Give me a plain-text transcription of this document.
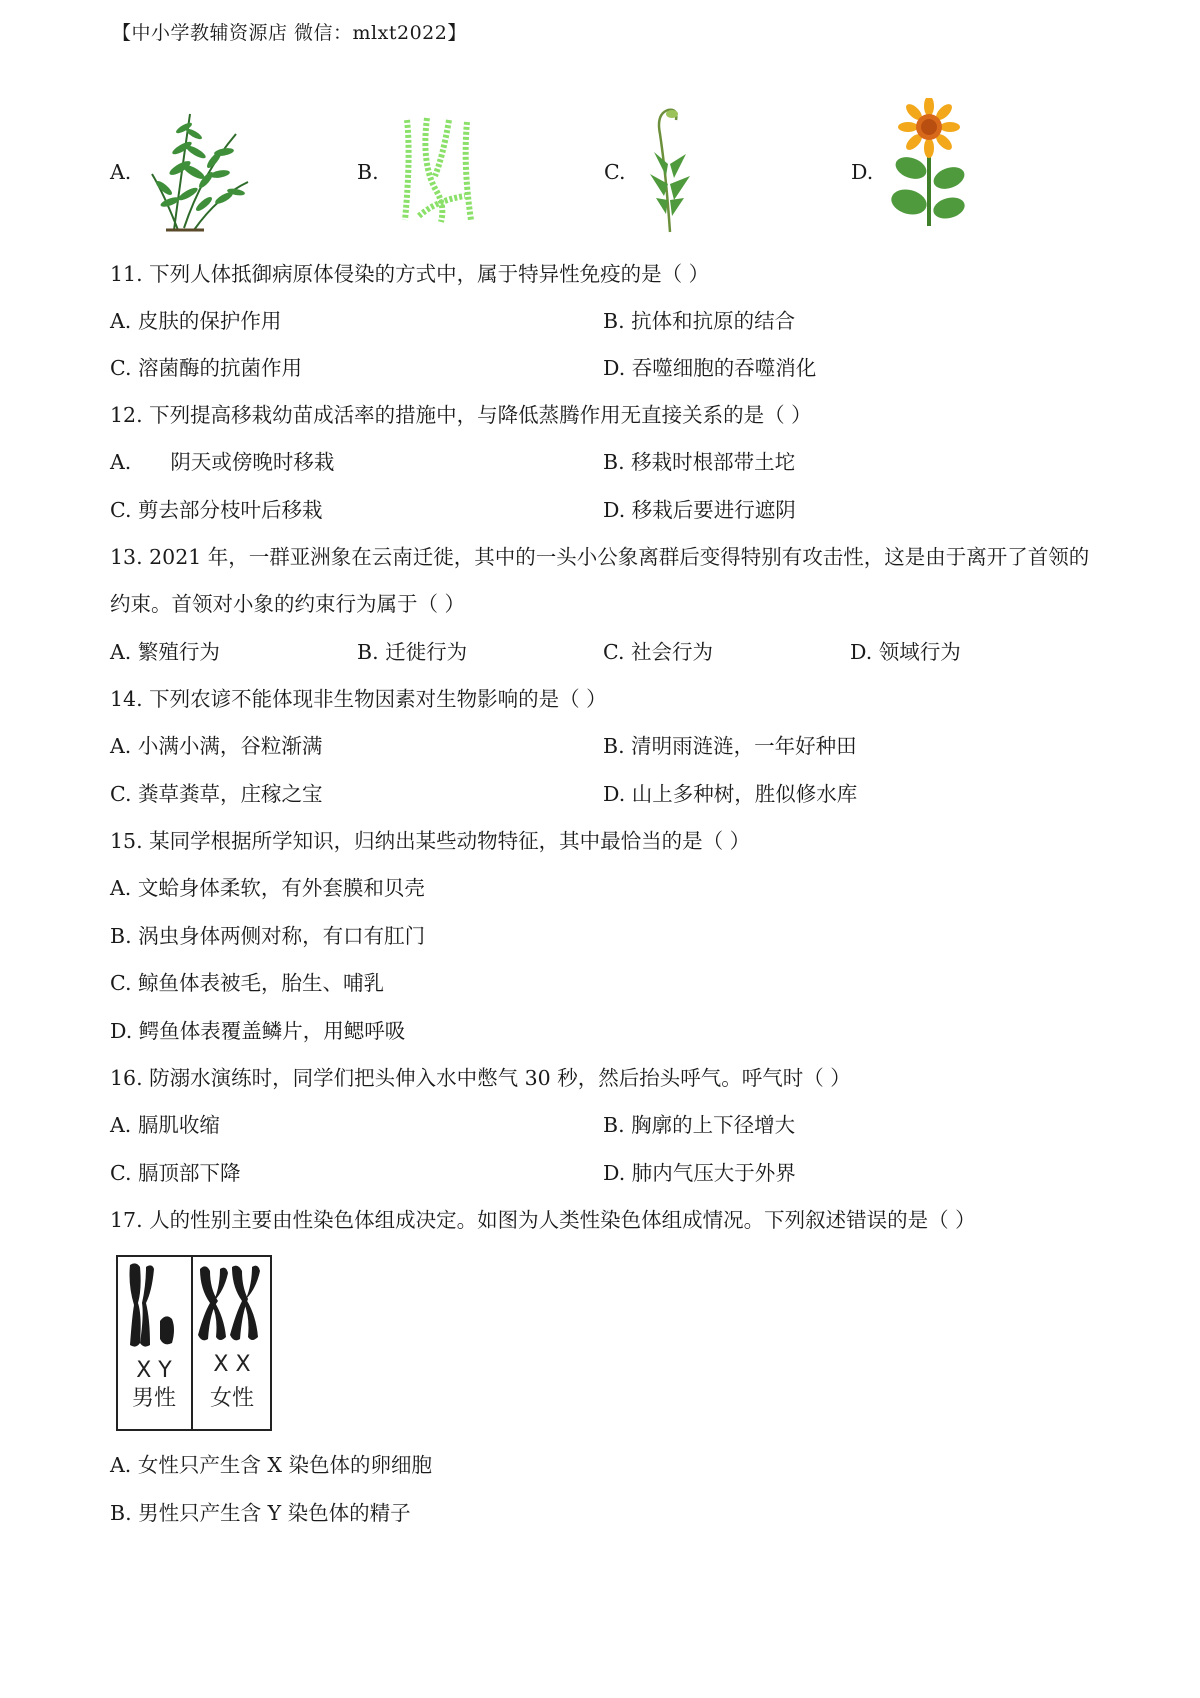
【中小学教辅资源店 微信：mlxt2022】
A.	B.	C.	D.
11. 下列人体抵御病原体侵染的方式中，属于特异性免疫的是（ ）
A. 皮肤的保护作用	B. 抗体和抗原的结合
C. 溶菌酶的抗菌作用	D. 吞噬细胞的吞噬消化
12. 下列提高移栽幼苗成活率的措施中，与降低蒸腾作用无直接关系的是（ ）
A.      阴天或傍晚时移栽	B. 移栽时根部带土坨
C. 剪去部分枝叶后移栽	D. 移栽后要进行遮阴
13. 2021 年，一群亚洲象在云南迁徙，其中的一头小公象离群后变得特别有攻击性，这是由于离开了首领的
约束。首领对小象的约束行为属于（ ）
A. 繁殖行为	B. 迁徙行为	C. 社会行为	D. 领域行为
14. 下列农谚不能体现非生物因素对生物影响的是（ ）
A. 小满小满，谷粒渐满	B. 清明雨涟涟，一年好种田
C. 粪草粪草，庄稼之宝	D. 山上多种树，胜似修水库
15. 某同学根据所学知识，归纳出某些动物特征，其中最恰当的是（ ）
A. 文蛤身体柔软，有外套膜和贝壳
B. 涡虫身体两侧对称，有口有肛门
C. 鲸鱼体表被毛，胎生、哺乳
D. 鳄鱼体表覆盖鳞片，用鳃呼吸
16. 防溺水演练时，同学们把头伸入水中憋气 30 秒，然后抬头呼气。呼气时（ ）
A. 膈肌收缩	B. 胸廓的上下径增大
C. 膈顶部下降	D. 肺内气压大于外界
17. 人的性别主要由性染色体组成决定。如图为人类性染色体组成情况。下列叙述错误的是（ ）
X Y
男性
X X
女性
A. 女性只产生含 X 染色体的卵细胞
B. 男性只产生含 Y 染色体的精子
